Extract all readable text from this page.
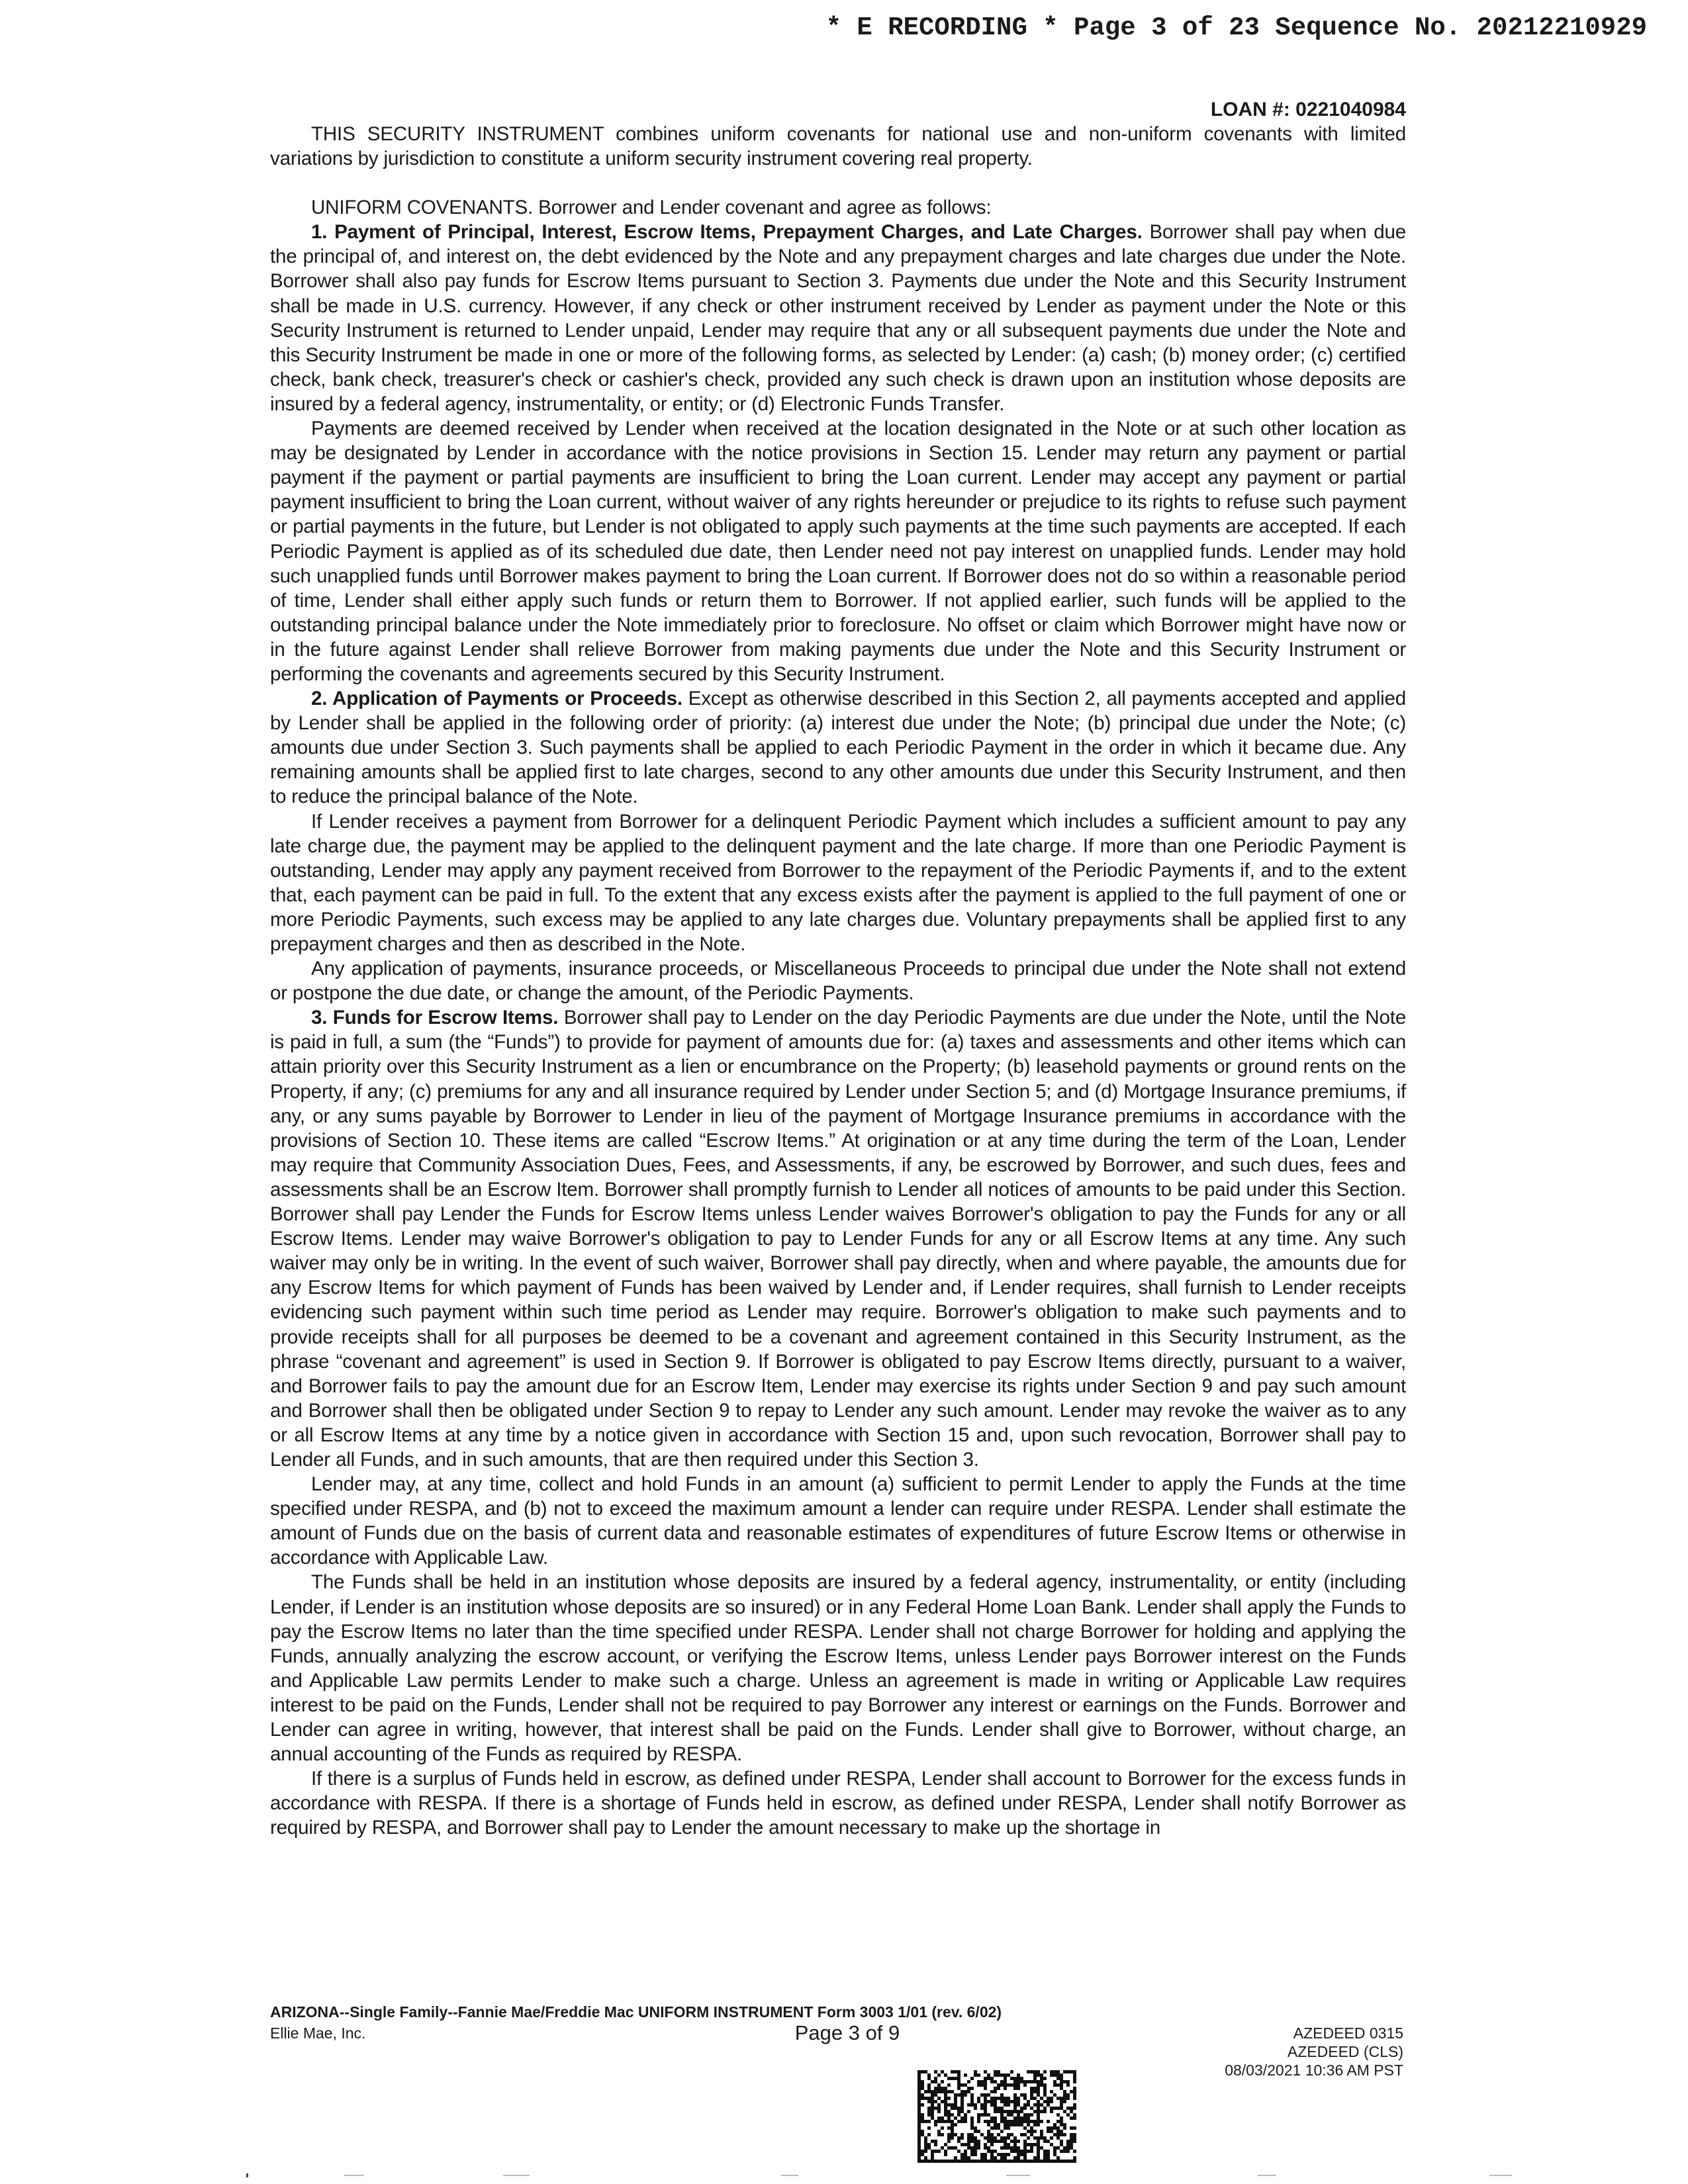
* E RECORDING * Page 3 of 23 Sequence No. 20212210929
LOAN #: 0221040984

THIS SECURITY INSTRUMENT combines uniform covenants for national use and non-uniform covenants with limited variations by jurisdiction to constitute a uniform security instrument covering real property.

UNIFORM COVENANTS. Borrower and Lender covenant and agree as follows:

1. Payment of Principal, Interest, Escrow Items, Prepayment Charges, and Late Charges. Borrower shall pay when due the principal of, and interest on, the debt evidenced by the Note and any prepayment charges and late charges due under the Note. Borrower shall also pay funds for Escrow Items pursuant to Section 3. Payments due under the Note and this Security Instrument shall be made in U.S. currency. However, if any check or other instrument received by Lender as payment under the Note or this Security Instrument is returned to Lender unpaid, Lender may require that any or all subsequent payments due under the Note and this Security Instrument be made in one or more of the following forms, as selected by Lender: (a) cash; (b) money order; (c) certified check, bank check, treasurer's check or cashier's check, provided any such check is drawn upon an institution whose deposits are insured by a federal agency, instrumentality, or entity; or (d) Electronic Funds Transfer.

Payments are deemed received by Lender when received at the location designated in the Note or at such other location as may be designated by Lender in accordance with the notice provisions in Section 15. Lender may return any payment or partial payment if the payment or partial payments are insufficient to bring the Loan current. Lender may accept any payment or partial payment insufficient to bring the Loan current, without waiver of any rights hereunder or prejudice to its rights to refuse such payment or partial payments in the future, but Lender is not obligated to apply such payments at the time such payments are accepted. If each Periodic Payment is applied as of its scheduled due date, then Lender need not pay interest on unapplied funds. Lender may hold such unapplied funds until Borrower makes payment to bring the Loan current. If Borrower does not do so within a reasonable period of time, Lender shall either apply such funds or return them to Borrower. If not applied earlier, such funds will be applied to the outstanding principal balance under the Note immediately prior to foreclosure. No offset or claim which Borrower might have now or in the future against Lender shall relieve Borrower from making payments due under the Note and this Security Instrument or performing the covenants and agreements secured by this Security Instrument.

2. Application of Payments or Proceeds. Except as otherwise described in this Section 2, all payments accepted and applied by Lender shall be applied in the following order of priority: (a) interest due under the Note; (b) principal due under the Note; (c) amounts due under Section 3. Such payments shall be applied to each Periodic Payment in the order in which it became due. Any remaining amounts shall be applied first to late charges, second to any other amounts due under this Security Instrument, and then to reduce the principal balance of the Note.

If Lender receives a payment from Borrower for a delinquent Periodic Payment which includes a sufficient amount to pay any late charge due, the payment may be applied to the delinquent payment and the late charge. If more than one Periodic Payment is outstanding, Lender may apply any payment received from Borrower to the repayment of the Periodic Payments if, and to the extent that, each payment can be paid in full. To the extent that any excess exists after the payment is applied to the full payment of one or more Periodic Payments, such excess may be applied to any late charges due. Voluntary prepayments shall be applied first to any prepayment charges and then as described in the Note.

Any application of payments, insurance proceeds, or Miscellaneous Proceeds to principal due under the Note shall not extend or postpone the due date, or change the amount, of the Periodic Payments.

3. Funds for Escrow Items. Borrower shall pay to Lender on the day Periodic Payments are due under the Note, until the Note is paid in full, a sum (the “Funds”) to provide for payment of amounts due for: (a) taxes and assessments and other items which can attain priority over this Security Instrument as a lien or encumbrance on the Property; (b) leasehold payments or ground rents on the Property, if any; (c) premiums for any and all insurance required by Lender under Section 5; and (d) Mortgage Insurance premiums, if any, or any sums payable by Borrower to Lender in lieu of the payment of Mortgage Insurance premiums in accordance with the provisions of Section 10. These items are called “Escrow Items.” At origination or at any time during the term of the Loan, Lender may require that Community Association Dues, Fees, and Assessments, if any, be escrowed by Borrower, and such dues, fees and assessments shall be an Escrow Item. Borrower shall promptly furnish to Lender all notices of amounts to be paid under this Section. Borrower shall pay Lender the Funds for Escrow Items unless Lender waives Borrower's obligation to pay the Funds for any or all Escrow Items. Lender may waive Borrower's obligation to pay to Lender Funds for any or all Escrow Items at any time. Any such waiver may only be in writing. In the event of such waiver, Borrower shall pay directly, when and where payable, the amounts due for any Escrow Items for which payment of Funds has been waived by Lender and, if Lender requires, shall furnish to Lender receipts evidencing such payment within such time period as Lender may require. Borrower's obligation to make such payments and to provide receipts shall for all purposes be deemed to be a covenant and agreement contained in this Security Instrument, as the phrase “covenant and agreement” is used in Section 9. If Borrower is obligated to pay Escrow Items directly, pursuant to a waiver, and Borrower fails to pay the amount due for an Escrow Item, Lender may exercise its rights under Section 9 and pay such amount and Borrower shall then be obligated under Section 9 to repay to Lender any such amount. Lender may revoke the waiver as to any or all Escrow Items at any time by a notice given in accordance with Section 15 and, upon such revocation, Borrower shall pay to Lender all Funds, and in such amounts, that are then required under this Section 3.

Lender may, at any time, collect and hold Funds in an amount (a) sufficient to permit Lender to apply the Funds at the time specified under RESPA, and (b) not to exceed the maximum amount a lender can require under RESPA. Lender shall estimate the amount of Funds due on the basis of current data and reasonable estimates of expenditures of future Escrow Items or otherwise in accordance with Applicable Law.

The Funds shall be held in an institution whose deposits are insured by a federal agency, instrumentality, or entity (including Lender, if Lender is an institution whose deposits are so insured) or in any Federal Home Loan Bank. Lender shall apply the Funds to pay the Escrow Items no later than the time specified under RESPA. Lender shall not charge Borrower for holding and applying the Funds, annually analyzing the escrow account, or verifying the Escrow Items, unless Lender pays Borrower interest on the Funds and Applicable Law permits Lender to make such a charge. Unless an agreement is made in writing or Applicable Law requires interest to be paid on the Funds, Lender shall not be required to pay Borrower any interest or earnings on the Funds. Borrower and Lender can agree in writing, however, that interest shall be paid on the Funds. Lender shall give to Borrower, without charge, an annual accounting of the Funds as required by RESPA.

If there is a surplus of Funds held in escrow, as defined under RESPA, Lender shall account to Borrower for the excess funds in accordance with RESPA. If there is a shortage of Funds held in escrow, as defined under RESPA, Lender shall notify Borrower as required by RESPA, and Borrower shall pay to Lender the amount necessary to make up the shortage in

ARIZONA--Single Family--Fannie Mae/Freddie Mac UNIFORM INSTRUMENT Form 3003 1/01 (rev. 6/02)
Ellie Mae, Inc.	Page 3 of 9	AZEDEED 0315
AZEDEED (CLS)
08/03/2021 10:36 AM PST
